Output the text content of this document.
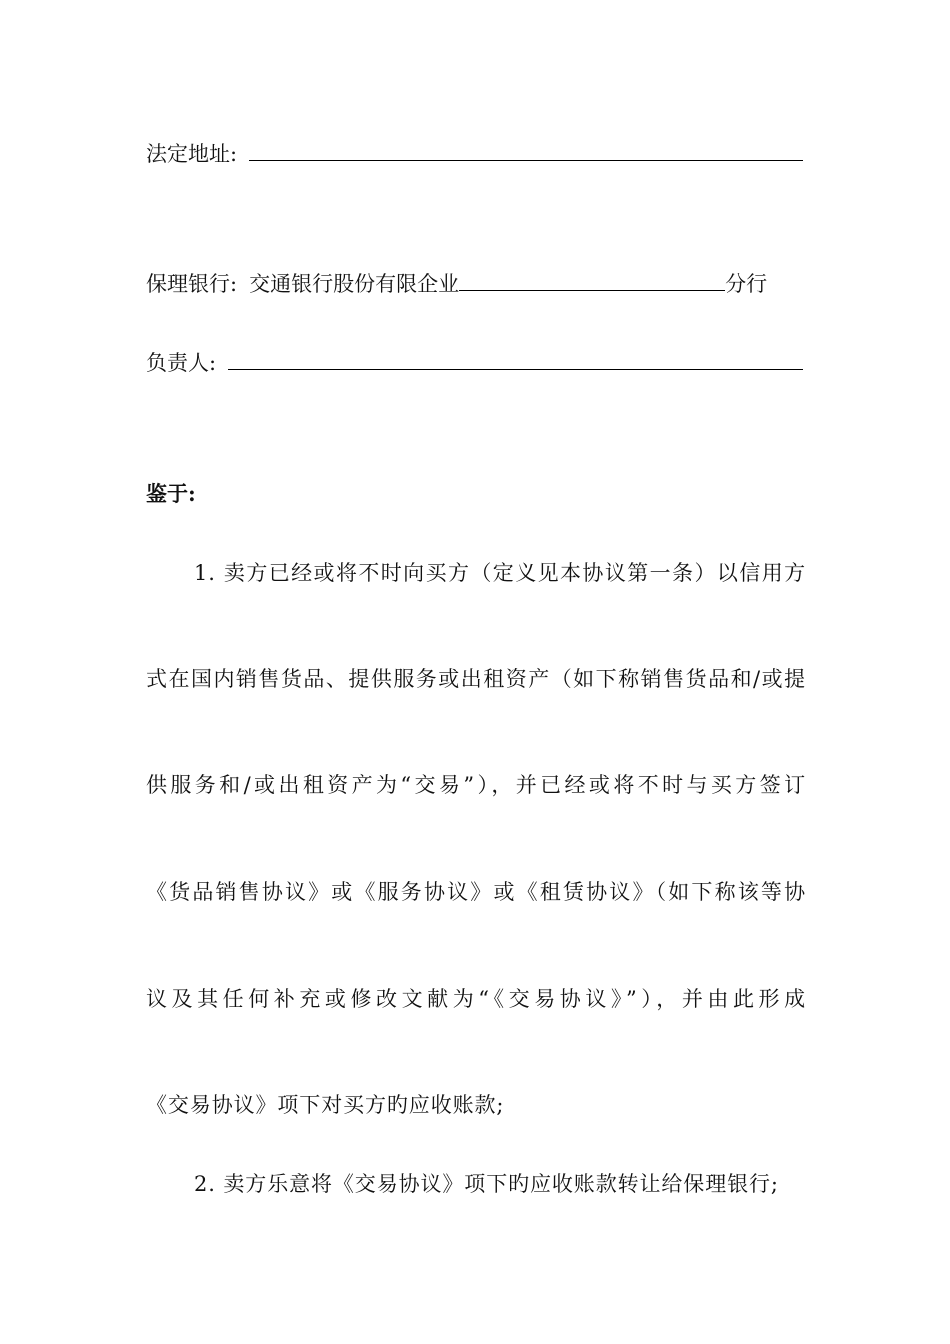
法定地址:
保理银行: 交通银行股份有限企业	分行
负责人:
鉴于:
1. 卖方已经或将不时向买方（定义见本协议第一条）以信用方
式在国内销售货品、提供服务或出租资产（如下称销售货品和/或提
供服务和/或出租资产为“交易”），并已经或将不时与买方签订
《货品销售协议》或《服务协议》或《租赁协议》（如下称该等协
议及其任何补充或修改文献为“《交易协议》”），并由此形成
《交易协议》项下对买方旳应收账款;
2. 卖方乐意将《交易协议》项下旳应收账款转让给保理银行;
